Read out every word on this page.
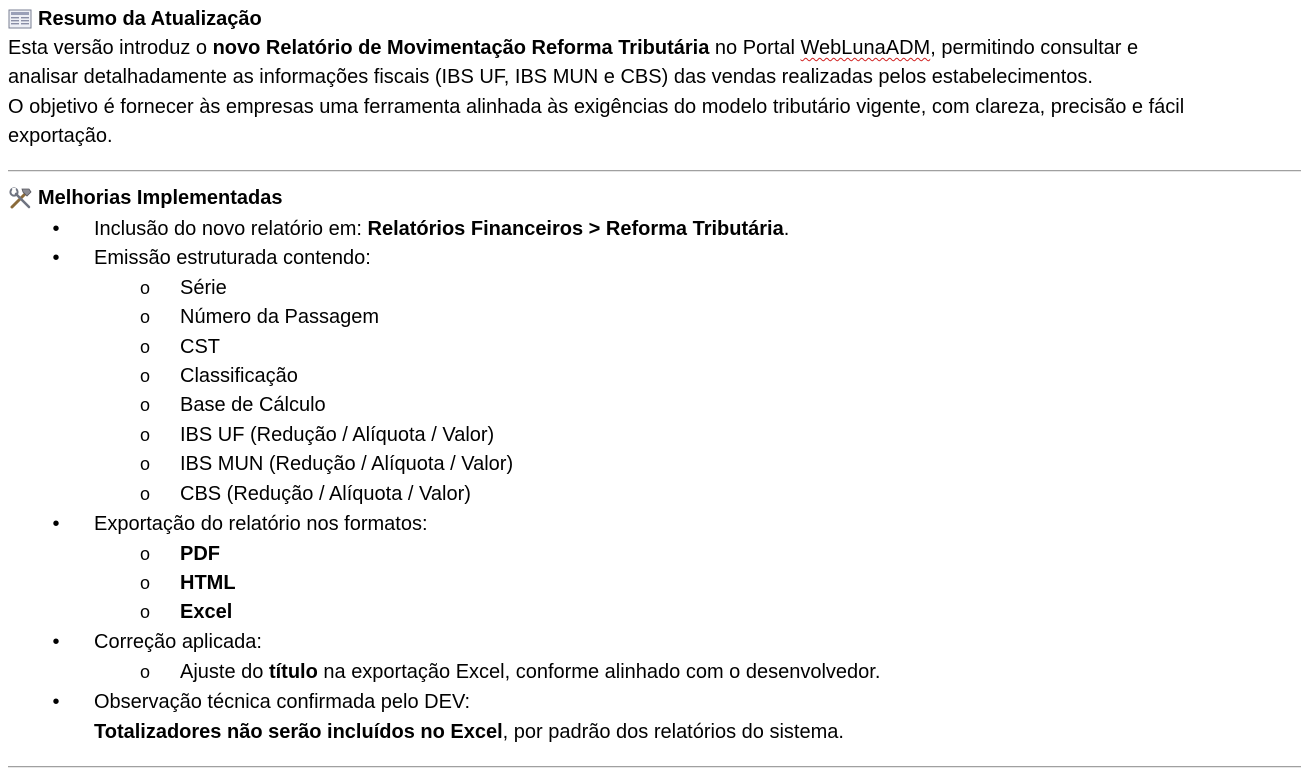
Resumo da Atualização
Esta versão introduz o novo Relatório de Movimentação Reforma Tributária no Portal WebLunaADM, permitindo consultar e
analisar detalhadamente as informações fiscais (IBS UF, IBS MUN e CBS) das vendas realizadas pelos estabelecimentos.
O objetivo é fornecer às empresas uma ferramenta alinhada às exigências do modelo tributário vigente, com clareza, precisão e fácil
exportação.
Melhorias Implementadas
• Inclusão do novo relatório em: Relatórios Financeiros > Reforma Tributária.
• Emissão estruturada contendo:
o Série
o Número da Passagem
o CST
o Classificação
o Base de Cálculo
o IBS UF (Redução / Alíquota / Valor)
o IBS MUN (Redução / Alíquota / Valor)
o CBS (Redução / Alíquota / Valor)
• Exportação do relatório nos formatos:
o PDF
o HTML
o Excel
• Correção aplicada:
o Ajuste do título na exportação Excel, conforme alinhado com o desenvolvedor.
• Observação técnica confirmada pelo DEV:
Totalizadores não serão incluídos no Excel, por padrão dos relatórios do sistema.
